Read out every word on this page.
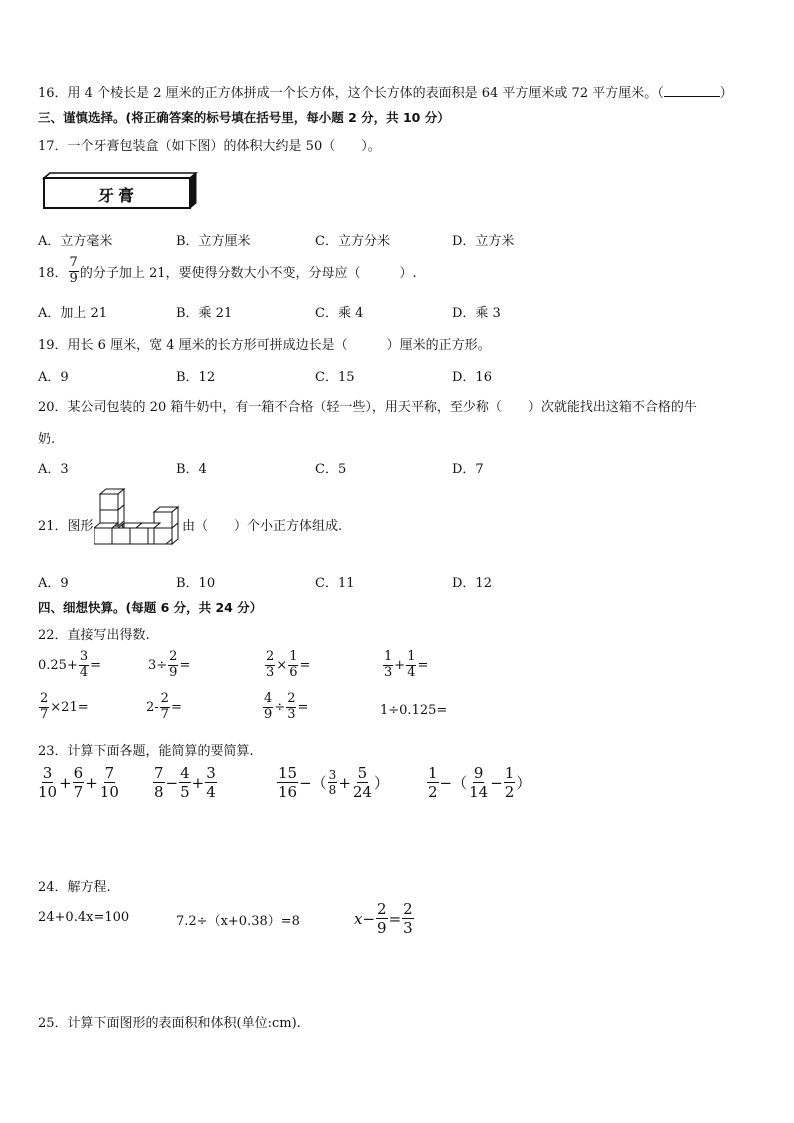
16．用 4 个棱长是 2 厘米的正方体拼成一个长方体，这个长方体的表面积是 64 平方厘米或 72 平方厘米。（	）
三、谨慎选择。(将正确答案的标号填在括号里，每小题 2 分，共 10 分）
17．一个牙膏包装盒（如下图）的体积大约是 50（　　）。
牙膏
A．立方毫米	B．立方厘米	C．立方分米	D．立方米
18． $\frac{7}{9}$ 的分子加上 21，要使得分数大小不变，分母应（　　　）.
A．加上 21	B．乘 21	C．乘 4	D．乘 3
19．用长 6 厘米，宽 4 厘米的长方形可拼成边长是（　　　）厘米的正方形。
A．9	B．12	C．15	D．16
20．某公司包装的 20 箱牛奶中，有一箱不合格（轻一些），用天平称，至少称（　　）次就能找出这箱不合格的牛
奶.
A．3	B．4	C．5	D．7
21．图形	由（　　）个小正方体组成.
A．9	B．10	C．11	D．12
四、细想快算。(每题 6 分，共 24 分）
22．直接写出得数.
$0.25+ \frac{3}{4}$ =	$3\div \frac{2}{9}$ =	$\frac{2}{3} \times \frac{1}{6}$ =	$\frac{1}{3} + \frac{1}{4}$ =
$\frac{2}{7} \times 21=$	$2- \frac{2}{7}$ =	$\frac{4}{9} \div \frac{2}{3}$ =	1÷0.125=
23．计算下面各题，能简算的要简算.
$\frac{3}{10} + \frac{6}{7} + \frac{7}{10} \frac{7}{8} - \frac{4}{5} + \frac{3}{4}$	$\frac{15}{16}$ −（ $\frac{3}{8} + \frac{5}{24}$ ）	$\frac{1}{2}$ −（ $\frac{9}{14} - \frac{1}{2}$ ）
24．解方程.
24+0.4x=100	7.2÷（x+0.38）=8	$x- \frac{2}{9} = \frac{2}{3}$
25．计算下面图形的表面积和体积(单位:cm).
